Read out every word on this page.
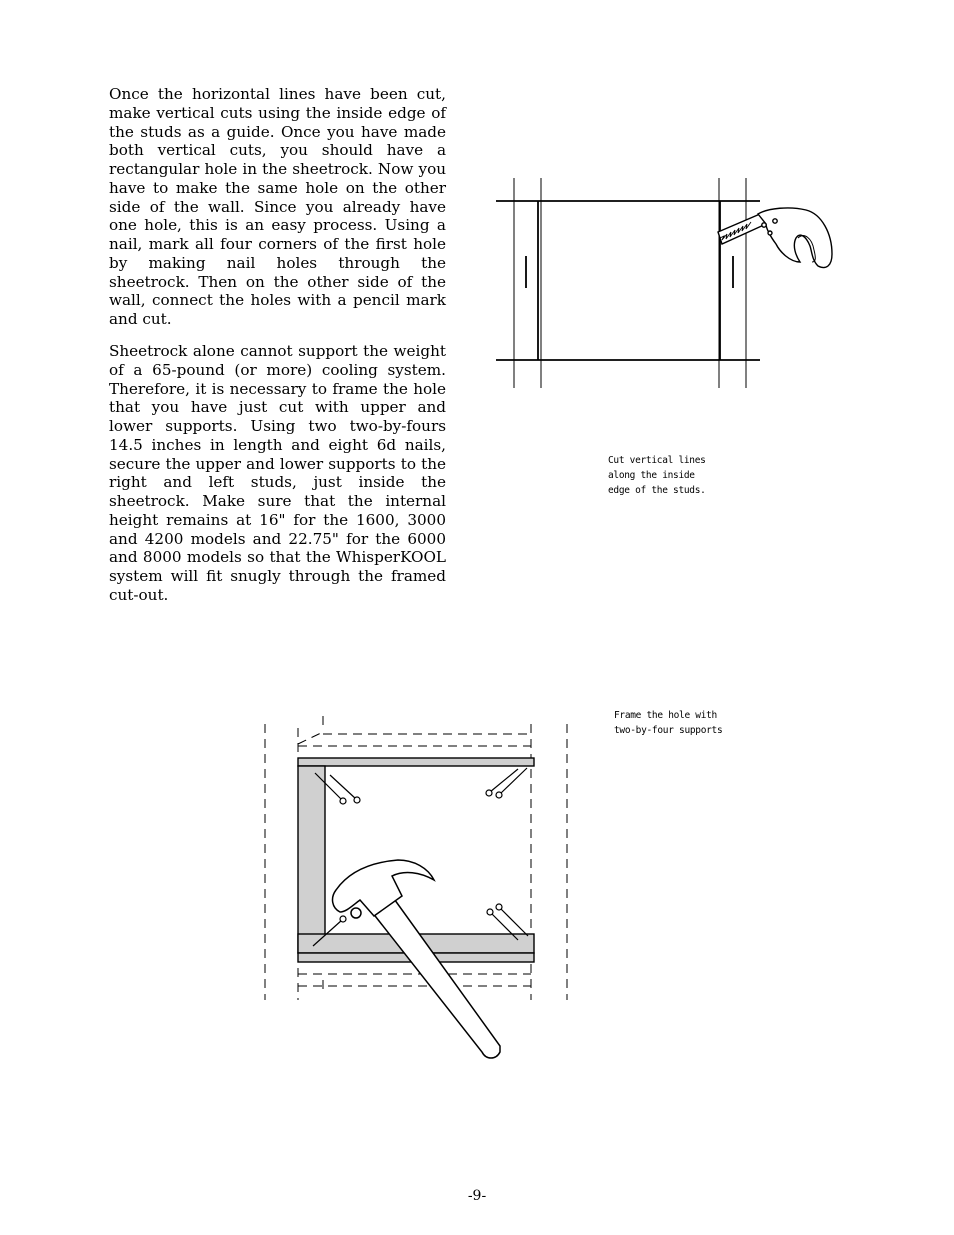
Once the horizontal lines have been cut, make vertical cuts using the inside edge of the studs as a guide. Once you have made both vertical cuts, you should have a rectangular hole in the sheetrock. Now you have to make the same hole on the other side of the wall. Since you already have one hole, this is an easy process. Using a nail, mark all four corners of the first hole by making nail holes through the sheetrock. Then on the other side of the wall, connect the holes with a pencil mark and cut.

Sheetrock alone cannot support the weight of a 65-pound (or more) cooling system. Therefore, it is necessary to frame the hole that you have just cut with upper and lower supports. Using two two-by-fours 14.5 inches in length and eight 6d nails, secure the upper and lower supports to the right and left studs, just inside the sheetrock. Make sure that the internal height remains at 16" for the 1600, 3000 and 4200 models and 22.75" for the 6000 and 8000 models so that the WhisperKOOL system will fit snugly through the framed cut-out.

Cut vertical lines
along the inside
edge of the studs.

Frame the hole with
two-by-four supports

-9-
